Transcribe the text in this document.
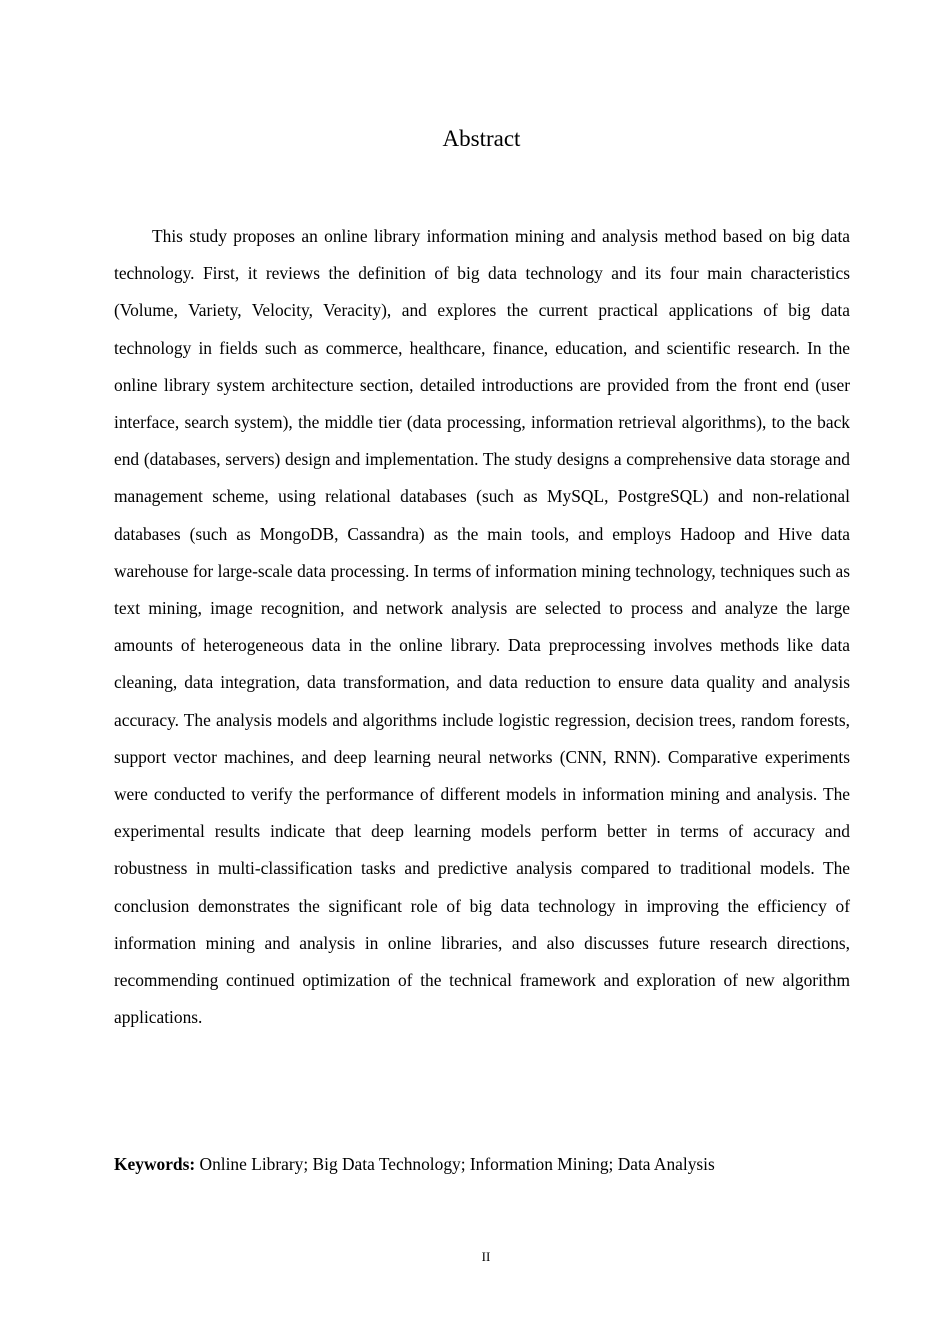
Abstract

This study proposes an online library information mining and analysis method based on big data technology. First, it reviews the definition of big data technology and its four main characteristics (Volume, Variety, Velocity, Veracity), and explores the current practical applications of big data technology in fields such as commerce, healthcare, finance, education, and scientific research. In the online library system architecture section, detailed introductions are provided from the front end (user interface, search system), the middle tier (data processing, information retrieval algorithms), to the back end (databases, servers) design and implementation. The study designs a comprehensive data storage and management scheme, using relational databases (such as MySQL, PostgreSQL) and non-relational databases (such as MongoDB, Cassandra) as the main tools, and employs Hadoop and Hive data warehouse for large-scale data processing. In terms of information mining technology, techniques such as text mining, image recognition, and network analysis are selected to process and analyze the large amounts of heterogeneous data in the online library. Data preprocessing involves methods like data cleaning, data integration, data transformation, and data reduction to ensure data quality and analysis accuracy. The analysis models and algorithms include logistic regression, decision trees, random forests, support vector machines, and deep learning neural networks (CNN, RNN). Comparative experiments were conducted to verify the performance of different models in information mining and analysis. The experimental results indicate that deep learning models perform better in terms of accuracy and robustness in multi-classification tasks and predictive analysis compared to traditional models. The conclusion demonstrates the significant role of big data technology in improving the efficiency of information mining and analysis in online libraries, and also discusses future research directions, recommending continued optimization of the technical framework and exploration of new algorithm applications.

Keywords: Online Library; Big Data Technology; Information Mining; Data Analysis

II
